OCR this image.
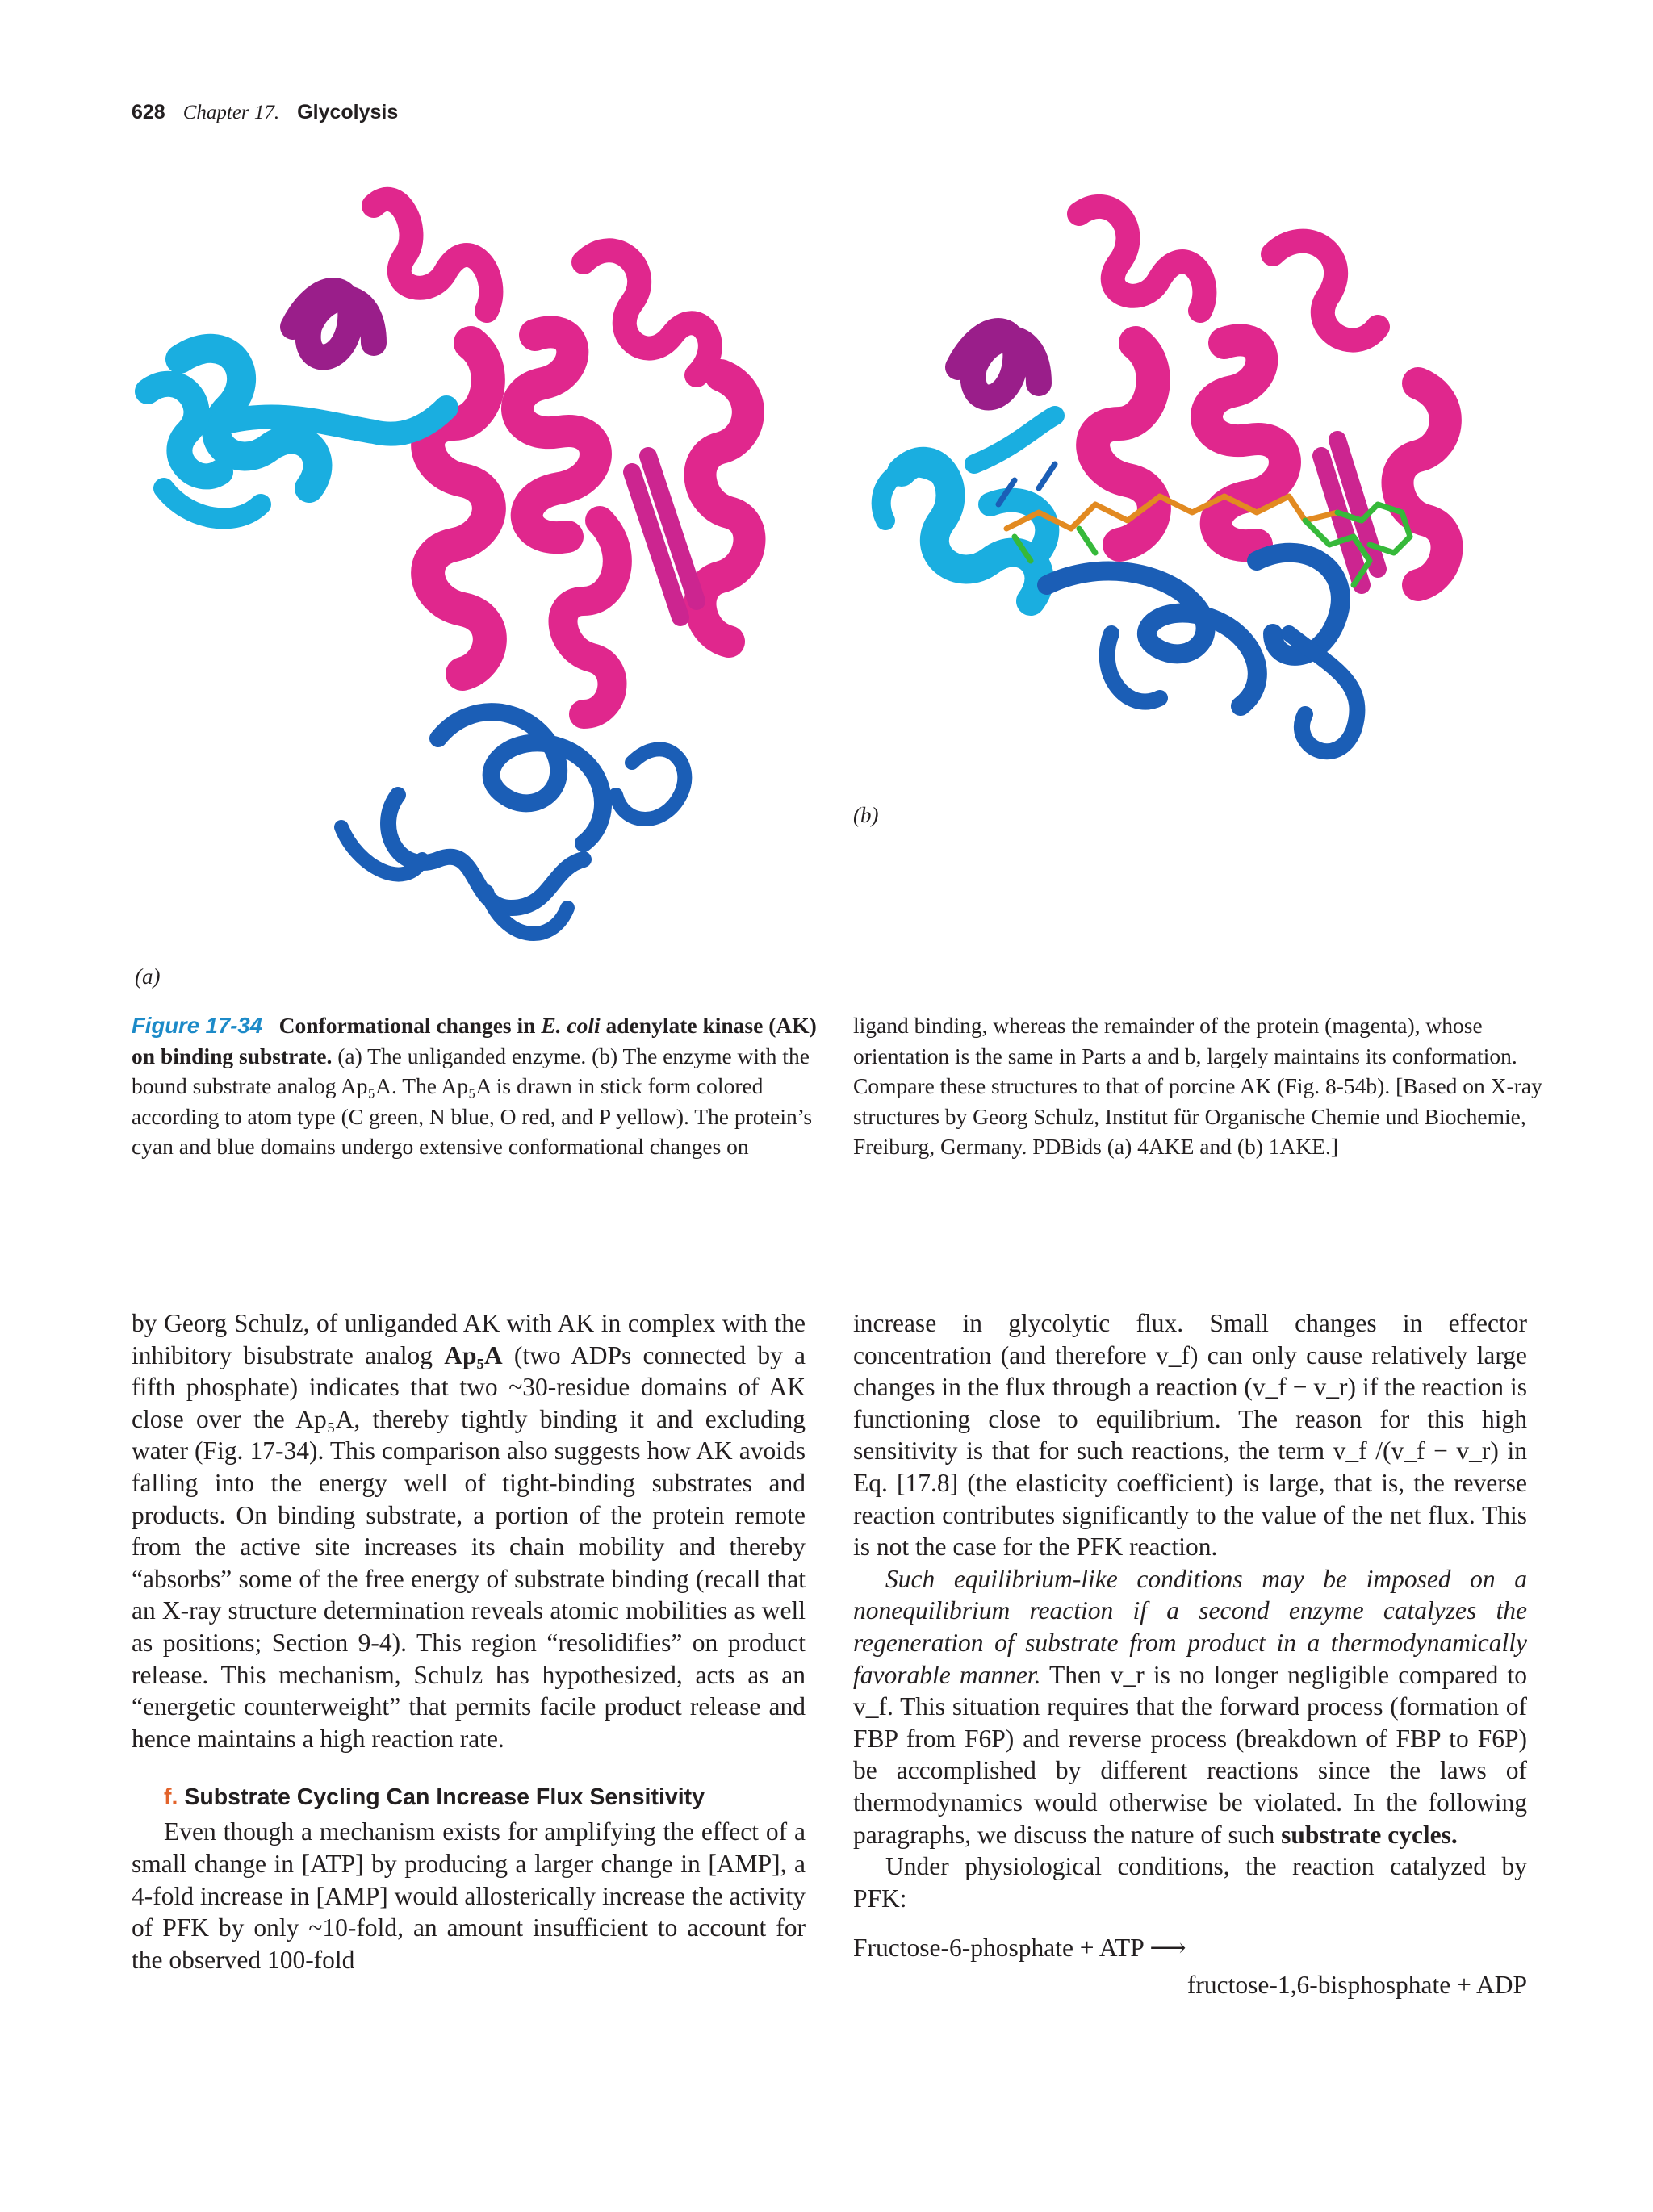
628 Chapter 17. Glycolysis
(a)
(b)
Figure 17-34 Conformational changes in E. coli adenylate kinase (AK) on binding substrate. (a) The unliganded enzyme. (b) The enzyme with the bound substrate analog Ap₅A. The Ap₅A is drawn in stick form colored according to atom type (C green, N blue, O red, and P yellow). The protein’s cyan and blue domains undergo extensive conformational changes on
ligand binding, whereas the remainder of the protein (magenta), whose orientation is the same in Parts a and b, largely maintains its conformation. Compare these structures to that of porcine AK (Fig. 8-54b). [Based on X-ray structures by Georg Schulz, Institut für Organische Chemie und Biochemie, Freiburg, Germany. PDBids (a) 4AKE and (b) 1AKE.]

by Georg Schulz, of unliganded AK with AK in complex with the inhibitory bisubstrate analog Ap₅A (two ADPs connected by a fifth phosphate) indicates that two ~30-residue domains of AK close over the Ap₅A, thereby tightly binding it and excluding water (Fig. 17-34). This comparison also suggests how AK avoids falling into the energy well of tight-binding substrates and products. On binding substrate, a portion of the protein remote from the active site increases its chain mobility and thereby “absorbs” some of the free energy of substrate binding (recall that an X-ray structure determination reveals atomic mobilities as well as positions; Section 9-4). This region “resolidifies” on product release. This mechanism, Schulz has hypothesized, acts as an “energetic counterweight” that permits facile product release and hence maintains a high reaction rate.

f. Substrate Cycling Can Increase Flux Sensitivity

Even though a mechanism exists for amplifying the effect of a small change in [ATP] by producing a larger change in [AMP], a 4-fold increase in [AMP] would allosterically increase the activity of PFK by only ~10-fold, an amount insufficient to account for the observed 100-fold

increase in glycolytic flux. Small changes in effector concentration (and therefore v_f) can only cause relatively large changes in the flux through a reaction (v_f − v_r) if the reaction is functioning close to equilibrium. The reason for this high sensitivity is that for such reactions, the term v_f /(v_f − v_r) in Eq. [17.8] (the elasticity coefficient) is large, that is, the reverse reaction contributes significantly to the value of the net flux. This is not the case for the PFK reaction.

Such equilibrium-like conditions may be imposed on a nonequilibrium reaction if a second enzyme catalyzes the regeneration of substrate from product in a thermodynamically favorable manner. Then v_r is no longer negligible compared to v_f. This situation requires that the forward process (formation of FBP from F6P) and reverse process (breakdown of FBP to F6P) be accomplished by different reactions since the laws of thermodynamics would otherwise be violated. In the following paragraphs, we discuss the nature of such substrate cycles.

Under physiological conditions, the reaction catalyzed by PFK:

Fructose-6-phosphate + ATP ⟶
fructose-1,6-bisphosphate + ADP
